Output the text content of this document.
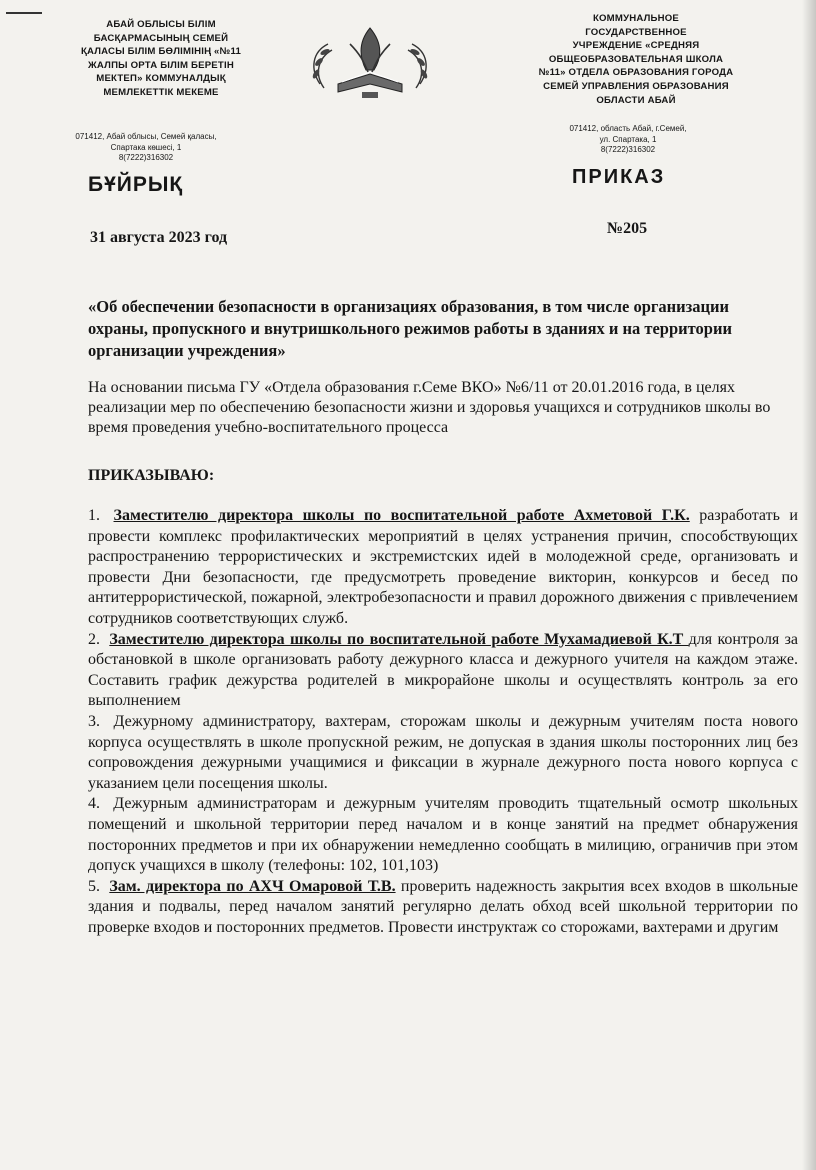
АБАЙ ОБЛЫСЫ БІЛІМ
БАСҚАРМАСЫНЫҢ СЕМЕЙ
ҚАЛАСЫ БІЛІМ БӨЛІМІНІҢ «№11
ЖАЛПЫ ОРТА БІЛІМ БЕРЕТІН
МЕКТЕП» КОММУНАЛДЫҚ
МЕМЛЕКЕТТІК МЕКЕМЕ
КОММУНАЛЬНОЕ
ГОСУДАРСТВЕННОЕ
УЧРЕЖДЕНИЕ «СРЕДНЯЯ
ОБЩЕОБРАЗОВАТЕЛЬНАЯ ШКОЛА
№11» ОТДЕЛА ОБРАЗОВАНИЯ ГОРОДА
СЕМЕЙ УПРАВЛЕНИЯ ОБРАЗОВАНИЯ
ОБЛАСТИ АБАЙ
071412, Абай облысы, Семей қаласы,
Спартака көшесі, 1
8(7222)316302
071412, область Абай, г.Семей,
ул. Спартака, 1
8(7222)316302
БҰЙРЫҚ	ПРИКАЗ
31 августа 2023 год
№205
«Об обеспечении безопасности в организациях образования, в том числе организации охраны, пропускного и внутришкольного режимов работы в зданиях и на территории организации учреждения»
На основании письма ГУ «Отдела образования г.Семе ВКО» №6/11 от 20.01.2016 года, в целях реализации мер по обеспечению безопасности жизни и здоровья учащихся и сотрудников школы во время проведения учебно-воспитательного процесса
ПРИКАЗЫВАЮ:

1. Заместителю директора школы по воспитательной работе Ахметовой Г.К. разработать и провести комплекс профилактических мероприятий в целях устранения причин, способствующих распространению террористических и экстремистских идей в молодежной среде, организовать и провести Дни безопасности, где предусмотреть проведение викторин, конкурсов и бесед по антитеррористической, пожарной, электробезопасности и правил дорожного движения с привлечением сотрудников соответствующих служб.

2. Заместителю директора школы по воспитательной работе Мухамадиевой К.Т для контроля за обстановкой в школе организовать работу дежурного класса и дежурного учителя на каждом этаже. Составить график дежурства родителей в микрорайоне школы и осуществлять контроль за его выполнением

3. Дежурному администратору, вахтерам, сторожам школы и дежурным учителям поста нового корпуса осуществлять в школе пропускной режим, не допуская в здания школы посторонних лиц без сопровождения дежурными учащимися и фиксации в журнале дежурного поста нового корпуса с указанием цели посещения школы.

4. Дежурным администраторам и дежурным учителям проводить тщательный осмотр школьных помещений и школьной территории перед началом и в конце занятий на предмет обнаружения посторонних предметов и при их обнаружении немедленно сообщать в милицию, ограничив при этом допуск учащихся в школу (телефоны: 102, 101,103)

5. Зам. директора по АХЧ Омаровой Т.В. проверить надежность закрытия всех входов в школьные здания и подвалы, перед началом занятий регулярно делать обход всей школьной территории по проверке входов и посторонних предметов. Провести инструктаж со сторожами, вахтерами и другим
